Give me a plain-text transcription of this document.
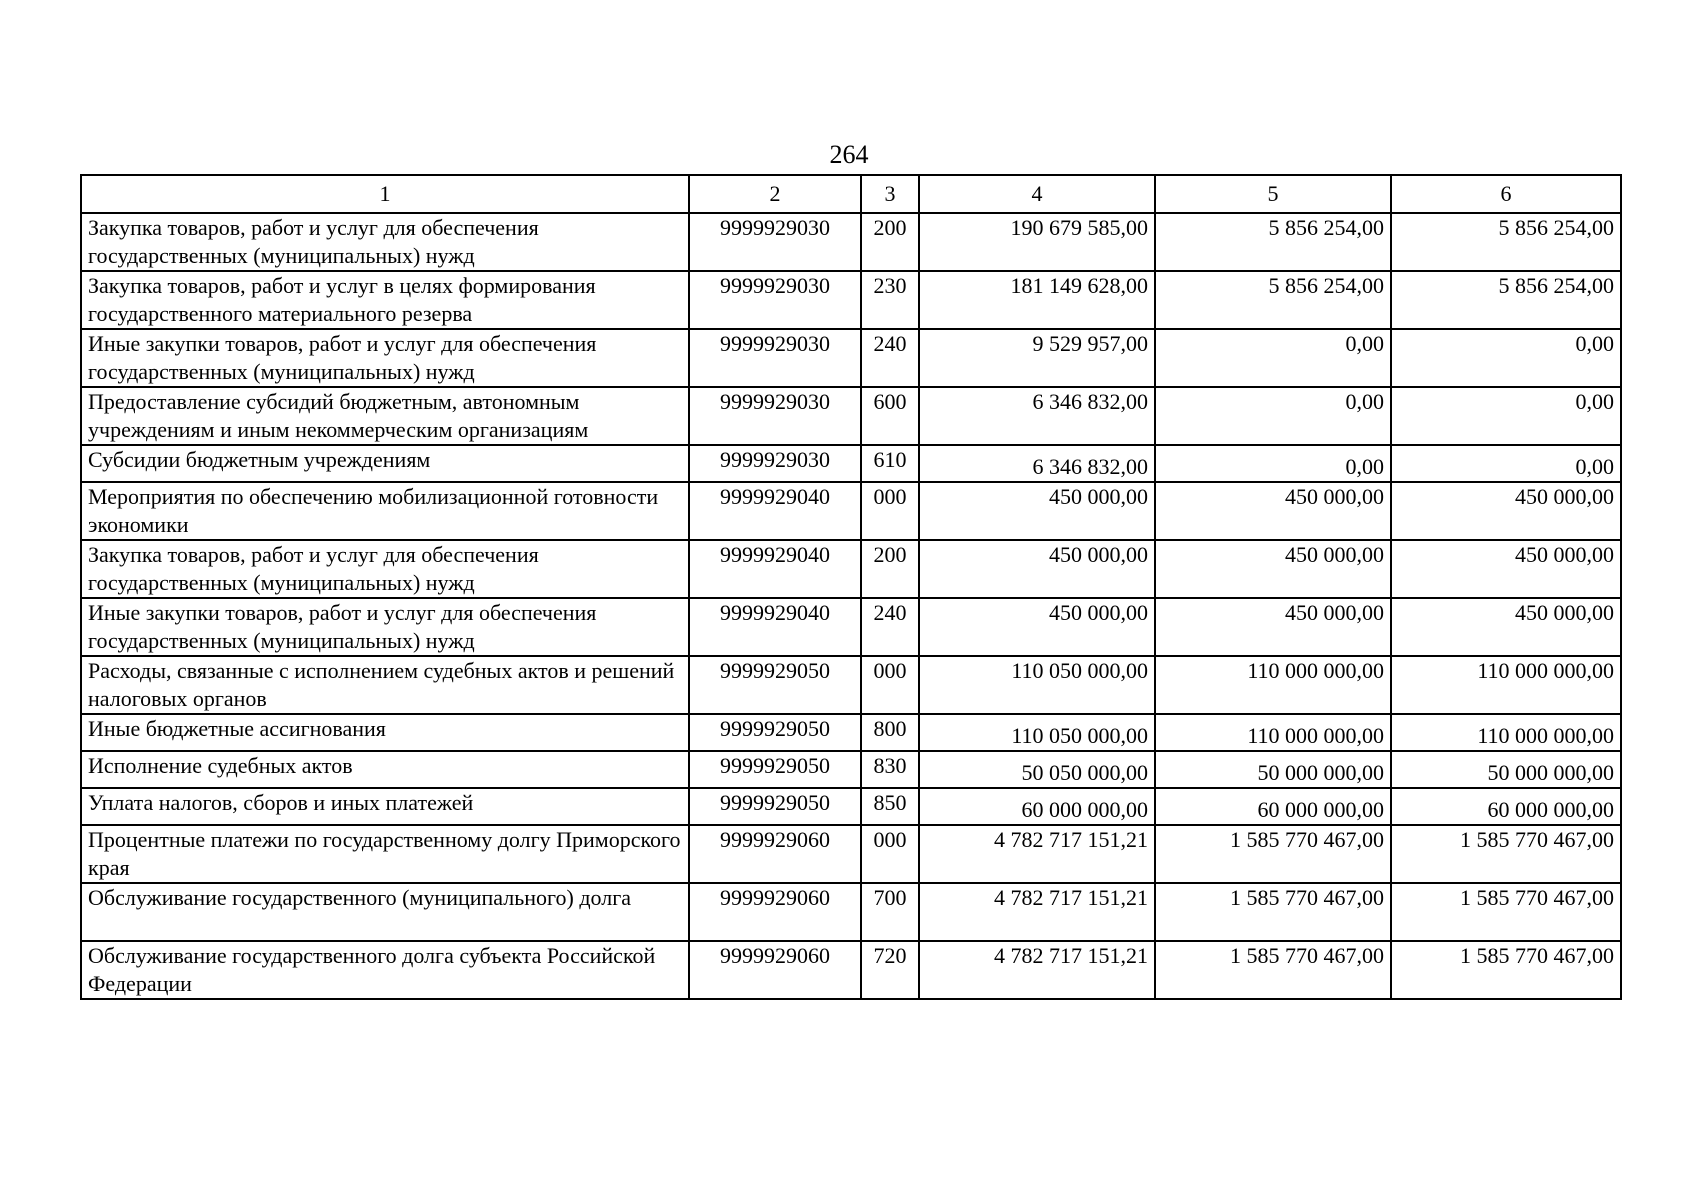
264
1	2	3	4	5	6
Закупка товаров, работ и услуг для обеспечения государственных (муниципальных) нужд	9999929030	200	190 679 585,00	5 856 254,00	5 856 254,00
Закупка товаров, работ и услуг в целях формирования государственного материального резерва	9999929030	230	181 149 628,00	5 856 254,00	5 856 254,00
Иные закупки товаров, работ и услуг для обеспечения государственных (муниципальных) нужд	9999929030	240	9 529 957,00	0,00	0,00
Предоставление субсидий бюджетным, автономным учреждениям и иным некоммерческим организациям	9999929030	600	6 346 832,00	0,00	0,00
Субсидии бюджетным учреждениям	9999929030	610	6 346 832,00	0,00	0,00
Мероприятия по обеспечению мобилизационной готовности экономики	9999929040	000	450 000,00	450 000,00	450 000,00
Закупка товаров, работ и услуг для обеспечения государственных (муниципальных) нужд	9999929040	200	450 000,00	450 000,00	450 000,00
Иные закупки товаров, работ и услуг для обеспечения государственных (муниципальных) нужд	9999929040	240	450 000,00	450 000,00	450 000,00
Расходы, связанные с исполнением судебных актов и решений налоговых органов	9999929050	000	110 050 000,00	110 000 000,00	110 000 000,00
Иные бюджетные ассигнования	9999929050	800	110 050 000,00	110 000 000,00	110 000 000,00
Исполнение судебных актов	9999929050	830	50 050 000,00	50 000 000,00	50 000 000,00
Уплата налогов, сборов и иных платежей	9999929050	850	60 000 000,00	60 000 000,00	60 000 000,00
Процентные платежи по государственному долгу Приморского края	9999929060	000	4 782 717 151,21	1 585 770 467,00	1 585 770 467,00
Обслуживание государственного (муниципального) долга	9999929060	700	4 782 717 151,21	1 585 770 467,00	1 585 770 467,00
Обслуживание государственного долга субъекта Российской Федерации	9999929060	720	4 782 717 151,21	1 585 770 467,00	1 585 770 467,00
